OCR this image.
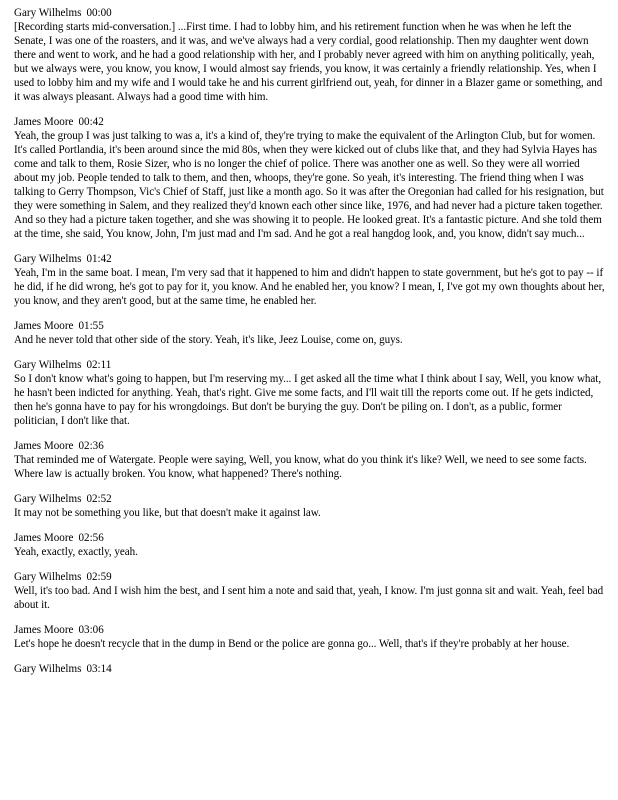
Gary Wilhelms 00:00

[Recording starts mid-conversation.] ...First time. I had to lobby him, and his retirement function when he was when he left the Senate, I was one of the roasters, and it was, and we've always had a very cordial, good relationship. Then my daughter went down there and went to work, and he had a good relationship with her, and I probably never agreed with him on anything politically, yeah, but we always were, you know, you know, I would almost say friends, you know, it was certainly a friendly relationship. Yes, when I used to lobby him and my wife and I would take he and his current girlfriend out, yeah, for dinner in a Blazer game or something, and it was always pleasant. Always had a good time with him.

James Moore 00:42

Yeah, the group I was just talking to was a, it's a kind of, they're trying to make the equivalent of the Arlington Club, but for women. It's called Portlandia, it's been around since the mid 80s, when they were kicked out of clubs like that, and they had Sylvia Hayes has come and talk to them, Rosie Sizer, who is no longer the chief of police. There was another one as well. So they were all worried about my job. People tended to talk to them, and then, whoops, they're gone. So yeah, it's interesting. The friend thing when I was talking to Gerry Thompson, Vic's Chief of Staff, just like a month ago. So it was after the Oregonian had called for his resignation, but they were something in Salem, and they realized they'd known each other since like, 1976, and had never had a picture taken together. And so they had a picture taken together, and she was showing it to people. He looked great. It's a fantastic picture. And she told them at the time, she said, You know, John, I'm just mad and I'm sad. And he got a real hangdog look, and, you know, didn't say much...

Gary Wilhelms 01:42

Yeah, I'm in the same boat. I mean, I'm very sad that it happened to him and didn't happen to state government, but he's got to pay -- if he did, if he did wrong, he's got to pay for it, you know. And he enabled her, you know? I mean, I, I've got my own thoughts about her, you know, and they aren't good, but at the same time, he enabled her.

James Moore 01:55

And he never told that other side of the story. Yeah, it's like, Jeez Louise, come on, guys.

Gary Wilhelms 02:11

So I don't know what's going to happen, but I'm reserving my... I get asked all the time what I think about I say, Well, you know what, he hasn't been indicted for anything. Yeah, that's right. Give me some facts, and I'll wait till the reports come out. If he gets indicted, then he's gonna have to pay for his wrongdoings. But don't be burying the guy. Don't be piling on. I don't, as a public, former politician, I don't like that.

James Moore 02:36

That reminded me of Watergate. People were saying, Well, you know, what do you think it's like? Well, we need to see some facts. Where law is actually broken. You know, what happened? There's nothing.

Gary Wilhelms 02:52

It may not be something you like, but that doesn't make it against law.

James Moore 02:56

Yeah, exactly, exactly, yeah.

Gary Wilhelms 02:59

Well, it's too bad. And I wish him the best, and I sent him a note and said that, yeah, I know. I'm just gonna sit and wait. Yeah, feel bad about it.

James Moore 03:06

Let's hope he doesn't recycle that in the dump in Bend or the police are gonna go... Well, that's if they're probably at her house.

Gary Wilhelms 03:14
